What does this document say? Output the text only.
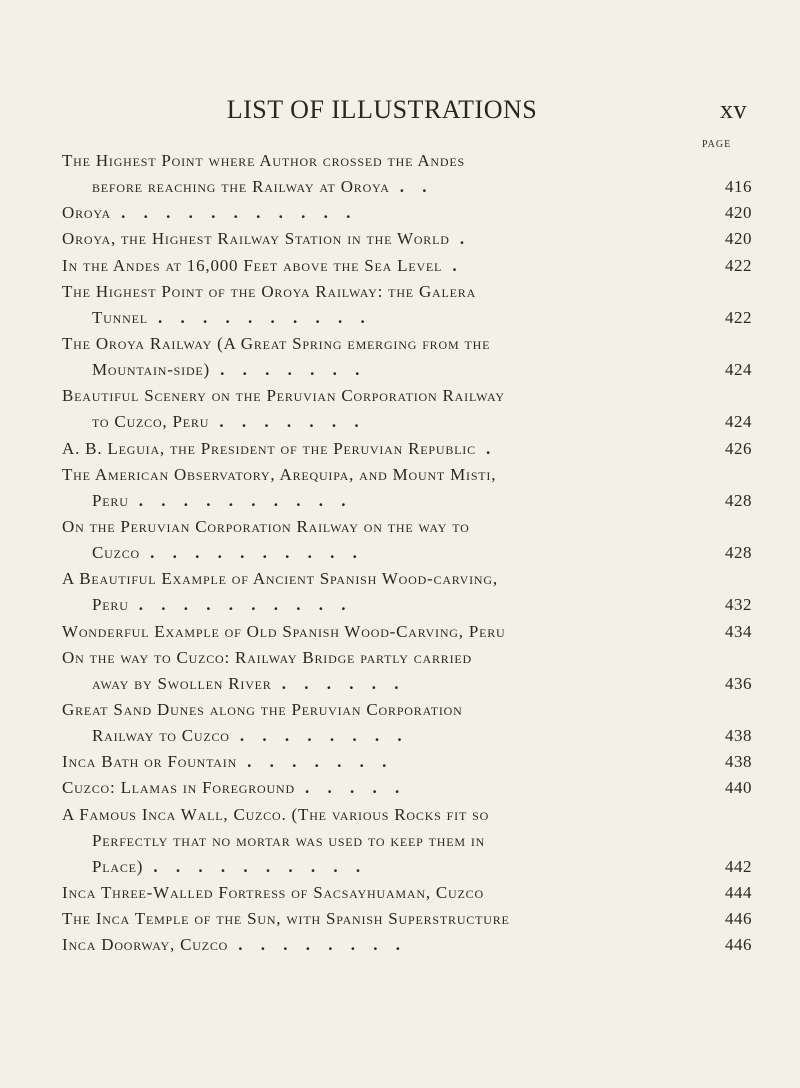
LIST OF ILLUSTRATIONS	xv
PAGE
The Highest Point where Author crossed the Andes
before reaching the Railway at Oroya . .	416
Oroya . . . . . . . . . . .	420
Oroya, the Highest Railway Station in the World .	420
In the Andes at 16,000 Feet above the Sea Level .	422
The Highest Point of the Oroya Railway: the Galera
Tunnel . . . . . . . . . .	422
The Oroya Railway (A Great Spring emerging from the
Mountain-side) . . . . . . .	424
Beautiful Scenery on the Peruvian Corporation Railway
to Cuzco, Peru . . . . . . .	424
A. B. Leguia, the President of the Peruvian Republic .	426
The American Observatory, Arequipa, and Mount Misti,
Peru . . . . . . . . . .	428
On the Peruvian Corporation Railway on the way to
Cuzco . . . . . . . . . .	428
A Beautiful Example of Ancient Spanish Wood-carving,
Peru . . . . . . . . . .	432
Wonderful Example of Old Spanish Wood-Carving, Peru	434
On the way to Cuzco: Railway Bridge partly carried
away by Swollen River . . . . . .	436
Great Sand Dunes along the Peruvian Corporation
Railway to Cuzco . . . . . . . .	438
Inca Bath or Fountain . . . . . . .	438
Cuzco: Llamas in Foreground . . . . .	440
A Famous Inca Wall, Cuzco. (The various Rocks fit so
Perfectly that no mortar was used to keep them in
Place) . . . . . . . . . .	442
Inca Three-Walled Fortress of Sacsayhuaman, Cuzco	444
The Inca Temple of the Sun, with Spanish Superstructure	446
Inca Doorway, Cuzco . . . . . . . .	446
